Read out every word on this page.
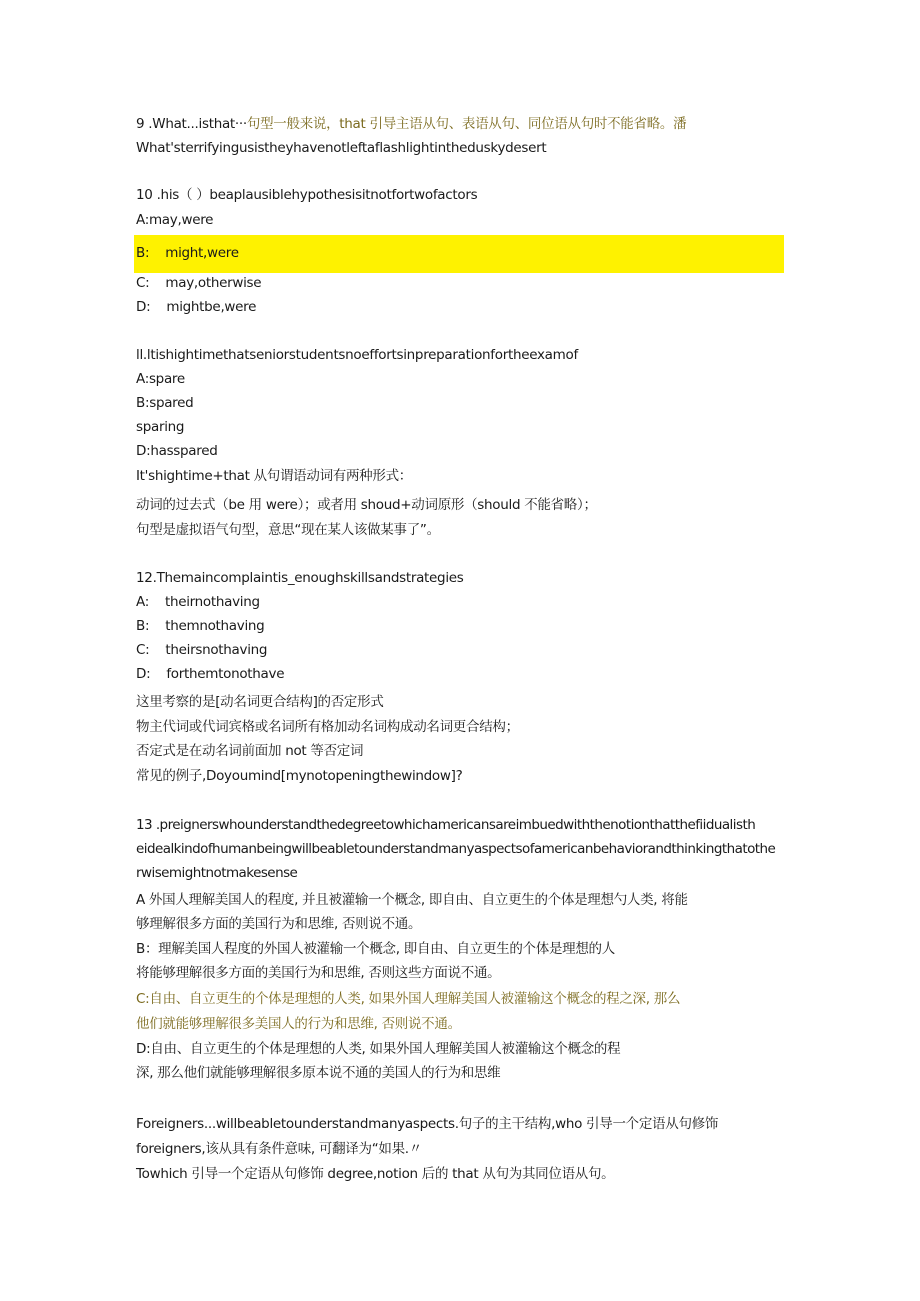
9 .What...isthat···句型一般来说，that 引导主语从句、表语从句、同位语从句时不能省略。潘
What'sterrifyingusistheyhavenotleftaflashlightintheduskydesert
10 .his（ ）beaplausiblehypothesisitnotfortwofactors
A:may,were
B: might,were
C: may,otherwise
D: mightbe,were
ll.ltishightimethatseniorstudentsnoeffortsinpreparationfortheexamof
A:spare
B:spared
sparing
D:hasspared
It'shightime+that 从句谓语动词有两种形式：
动词的过去式（be 用 were）；或者用 shoud+动词原形（should 不能省略）；
句型是虚拟语气句型，意思“现在某人该做某事了”。
12.Themaincomplaintis_enoughskillsandstrategies
A: theirnothaving
B: themnothaving
C: theirsnothaving
D: forthemtonothave
这里考察的是[动名词更合结构]的否定形式
物主代词或代词宾格或名词所有格加动名词构成动名词更合结构；
否定式是在动名词前面加 not 等否定词
常见的例子,Doyoumind[mynotopeningthewindow]?
13 .preignerswhounderstandthedegreetowhichamericansareimbuedwiththenotionthatthefiidualisth
eidealkindofhumanbeingwillbeabletounderstandmanyaspectsofamericanbehaviorandthinkingthatothe
rwisemightnotmakesense
A 外国人理解美国人的程度, 并且被灌输一个概念, 即自由、自立更生的个体是理想勺人类, 将能
够理解很多方面的美国行为和思维, 否则说不通。
B：理解美国人程度的外国人被灌输一个概念, 即自由、自立更生的个体是理想的人
将能够理解很多方面的美国行为和思维, 否则这些方面说不通。
C:自由、自立更生的个体是理想的人类, 如果外国人理解美国人被灌输这个概念的程之深, 那么
他们就能够理解很多美国人的行为和思维, 否则说不通。
D:自由、自立更生的个体是理想的人类, 如果外国人理解美国人被灌输这个概念的程
深, 那么他们就能够理解很多原本说不通的美国人的行为和思维
Foreigners...willbeabletounderstandmanyaspects.句子的主干结构,who 引导一个定语从句修饰
foreigners,该从具有条件意味, 可翻译为“如果.〃
Towhich 引导一个定语从句修饰 degree,notion 后的 that 从句为其同位语从句。
